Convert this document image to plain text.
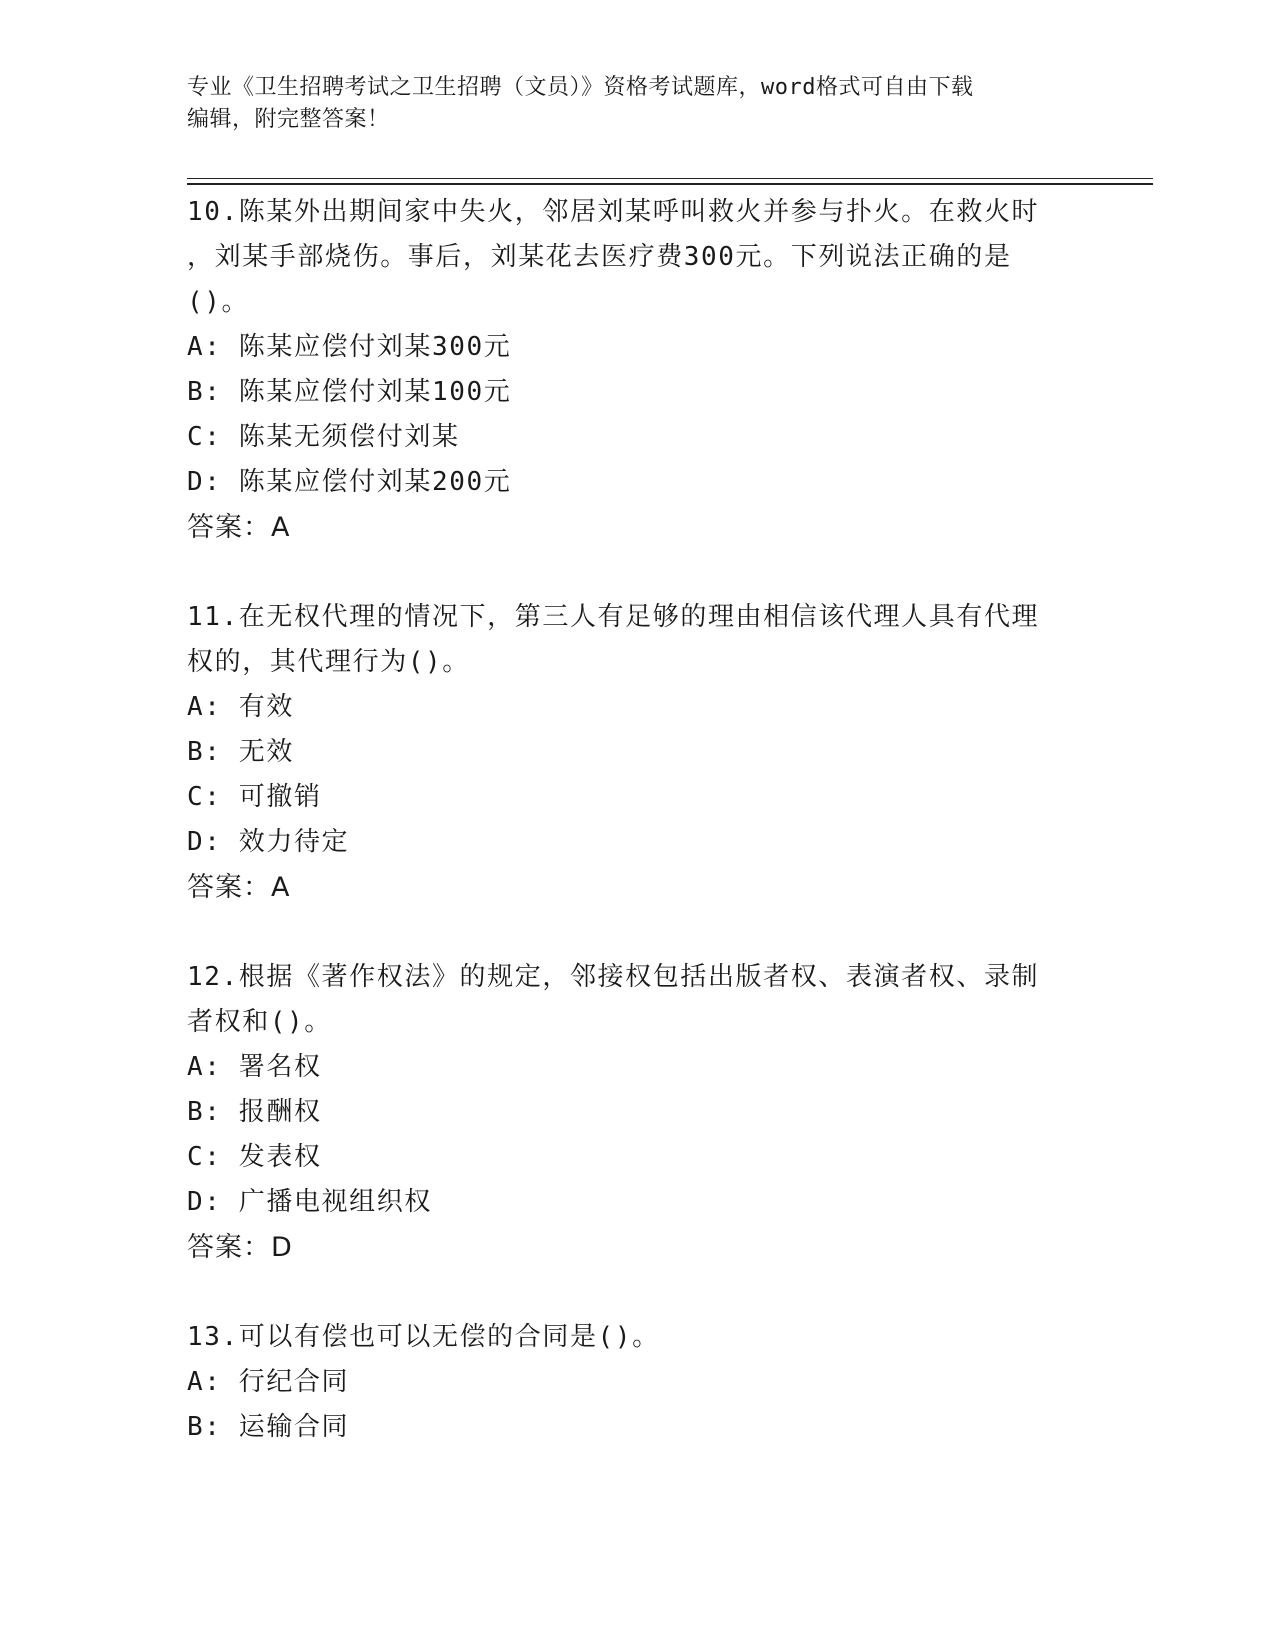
专业《卫生招聘考试之卫生招聘（文员）》资格考试题库，word格式可自由下载
编辑，附完整答案！
10.陈某外出期间家中失火，邻居刘某呼叫救火并参与扑火。在救火时
，刘某手部烧伤。事后，刘某花去医疗费300元。下列说法正确的是
()。
A: 陈某应偿付刘某300元
B: 陈某应偿付刘某100元
C: 陈某无须偿付刘某
D: 陈某应偿付刘某200元
答案：A
11.在无权代理的情况下，第三人有足够的理由相信该代理人具有代理
权的，其代理行为()。
A: 有效
B: 无效
C: 可撤销
D: 效力待定
答案：A
12.根据《著作权法》的规定，邻接权包括出版者权、表演者权、录制
者权和()。
A: 署名权
B: 报酬权
C: 发表权
D: 广播电视组织权
答案：D
13.可以有偿也可以无偿的合同是()。
A: 行纪合同
B: 运输合同
